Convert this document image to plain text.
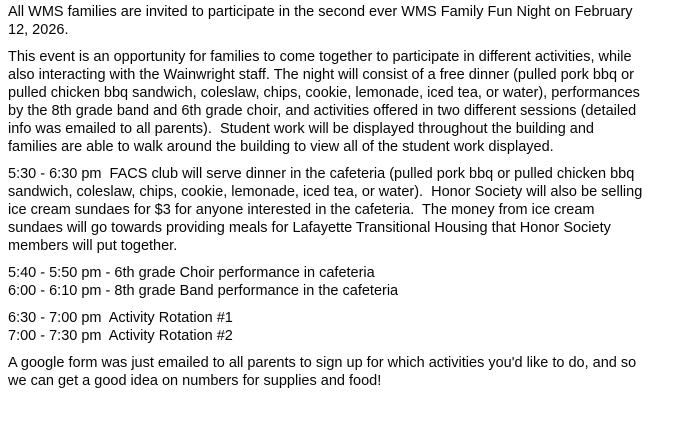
All WMS families are invited to participate in the second ever WMS Family Fun Night on February
12, 2026.

This event is an opportunity for families to come together to participate in different activities, while
also interacting with the Wainwright staff. The night will consist of a free dinner (pulled pork bbq or
pulled chicken bbq sandwich, coleslaw, chips, cookie, lemonade, iced tea, or water), performances
by the 8th grade band and 6th grade choir, and activities offered in two different sessions (detailed
info was emailed to all parents).  Student work will be displayed throughout the building and
families are able to walk around the building to view all of the student work displayed.

5:30 - 6:30 pm  FACS club will serve dinner in the cafeteria (pulled pork bbq or pulled chicken bbq
sandwich, coleslaw, chips, cookie, lemonade, iced tea, or water).  Honor Society will also be selling
ice cream sundaes for $3 for anyone interested in the cafeteria.  The money from ice cream
sundaes will go towards providing meals for Lafayette Transitional Housing that Honor Society
members will put together.

5:40 - 5:50 pm - 6th grade Choir performance in cafeteria
6:00 - 6:10 pm - 8th grade Band performance in the cafeteria

6:30 - 7:00 pm  Activity Rotation #1
7:00 - 7:30 pm  Activity Rotation #2

A google form was just emailed to all parents to sign up for which activities you'd like to do, and so
we can get a good idea on numbers for supplies and food!
